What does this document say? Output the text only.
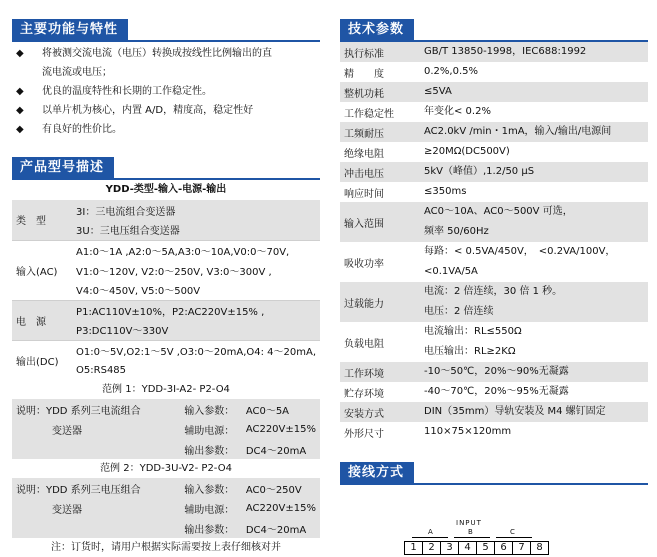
主要功能与特性
◆	将被测交流电流（电压）转换成按线性比例输出的直
流电流或电压；
◆	优良的温度特性和长期的工作稳定性。
◆	以单片机为核心，内置 A/D，精度高，稳定性好
◆	有良好的性价比。
产品型号描述
YDD-类型-输入-电源-输出
类　型	3I：三电流组合变送器
	3U：三电压组合变送器
输入(AC)	A1:0～1A ,A2:0～5A,A3:0～10A,V0:0～70V,
	V1:0～120V, V2:0～250V, V3:0～300V ,
	V4:0～450V, V5:0～500V
电　源	P1:AC110V±10%，P2:AC220V±15% ,
	P3:DC110V～330V
输出(DC)	O1:0～5V,O2:1～5V ,O3:0～20mA,O4: 4～20mA,
	O5:RS485
范例 1：YDD-3I-A2- P2-O4
说明：YDD 系列三电流组合	输入参数：	AC0～5A
变送器	辅助电源：	AC220V±15%
	输出参数：	DC4～20mA
范例 2：YDD-3U-V2- P2-O4
说明：YDD 系列三电压组合	输入参数：	AC0～250V
变送器	辅助电源：	AC220V±15%
	输出参数：	DC4～20mA
注：订货时，请用户根据实际需要按上表仔细核对并
技术参数
执行标准	GB/T 13850-1998，IEC688:1992

精　　度	0.2%,0.5%

整机功耗	≤5VA

工作稳定性	年变化< 0.2%

工频耐压	AC2.0kV /min・1mA，输入/输出/电源间

绝缘电阻	≥20MΩ(DC500V)

冲击电压	5kV（峰值）,1.2/50 μS

响应时间	≤350ms

输入范围	AC0～10A、AC0～500V 可选，
频率 50/60Hz

吸收功率	每路：< 0.5VA/450V，　<0.2VA/100V，
<0.1VA/5A

过载能力	电流：2 倍连续，30 倍 1 秒。
电压：2 倍连续

负载电阻	电流输出：RL≤550Ω
电压输出：RL≥2KΩ

工作环境	-10～50℃，20%～90%无凝露

贮存环境	-40～70℃，20%～95%无凝露

安装方式	DIN（35mm）导轨安装及 M4 螺钉固定

外形尺寸	110×75×120mm
接线方式
INPUT
A	B	C
1	2	3	4	5	6	7	8
